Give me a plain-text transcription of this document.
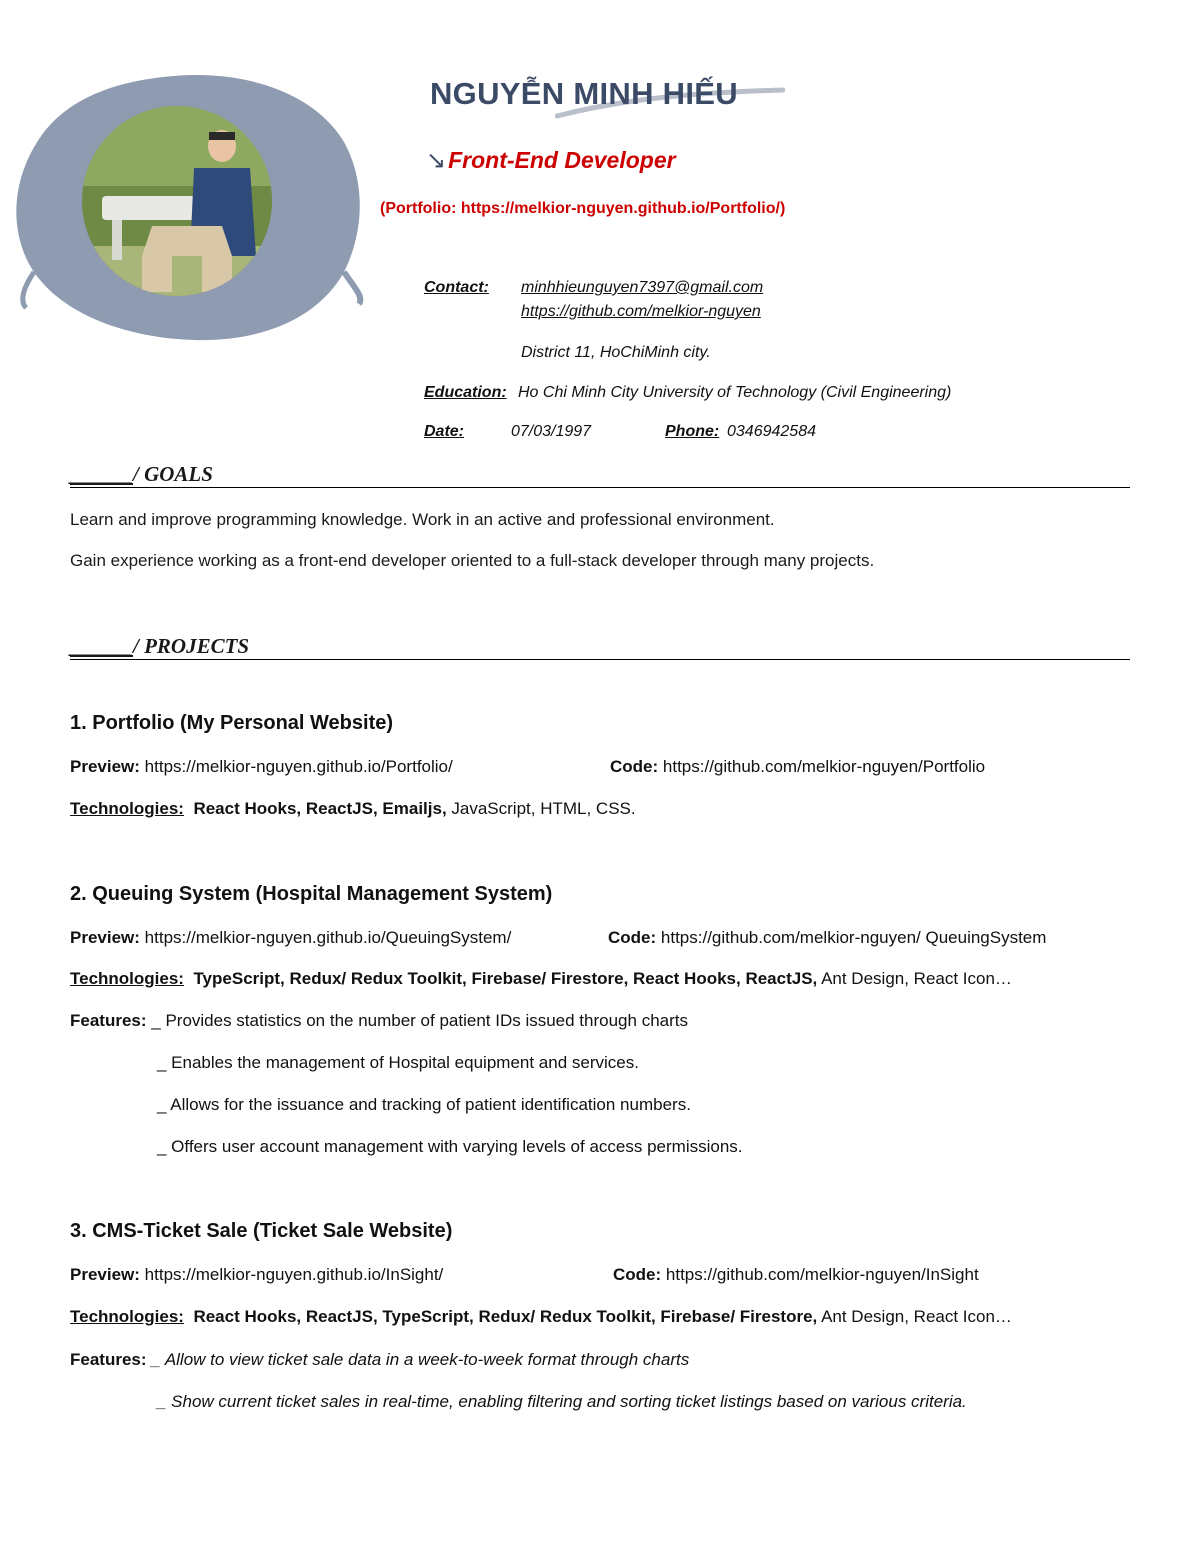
NGUYỄN MINH HIẾU
↘Front-End Developer
(Portfolio: https://melkior-nguyen.github.io/Portfolio/)
Contact: minhhieunguyen7397@gmail.com
https://github.com/melkior-nguyen
District 11, HoChiMinh city.
Education: Ho Chi Minh City University of Technology (Civil Engineering)
Date:	07/03/1997	Phone: 0346942584
______/ GOALS
Learn and improve programming knowledge. Work in an active and professional environment.
Gain experience working as a front-end developer oriented to a full-stack developer through many projects.
______/ PROJECTS
1. Portfolio (My Personal Website)
Preview: https://melkior-nguyen.github.io/Portfolio/	Code: https://github.com/melkior-nguyen/Portfolio
Technologies: React Hooks, ReactJS, Emailjs, JavaScript, HTML, CSS.
2. Queuing System (Hospital Management System)
Preview: https://melkior-nguyen.github.io/QueuingSystem/	Code: https://github.com/melkior-nguyen/ QueuingSystem
Technologies: TypeScript, Redux/ Redux Toolkit, Firebase/ Firestore, React Hooks, ReactJS, Ant Design, React Icon…
Features: _ Provides statistics on the number of patient IDs issued through charts
_ Enables the management of Hospital equipment and services.
_ Allows for the issuance and tracking of patient identification numbers.
_ Offers user account management with varying levels of access permissions.
3. CMS-Ticket Sale (Ticket Sale Website)
Preview: https://melkior-nguyen.github.io/InSight/	Code: https://github.com/melkior-nguyen/InSight
Technologies: React Hooks, ReactJS, TypeScript, Redux/ Redux Toolkit, Firebase/ Firestore, Ant Design, React Icon…
Features: _ Allow to view ticket sale data in a week-to-week format through charts
_ Show current ticket sales in real-time, enabling filtering and sorting ticket listings based on various criteria.
